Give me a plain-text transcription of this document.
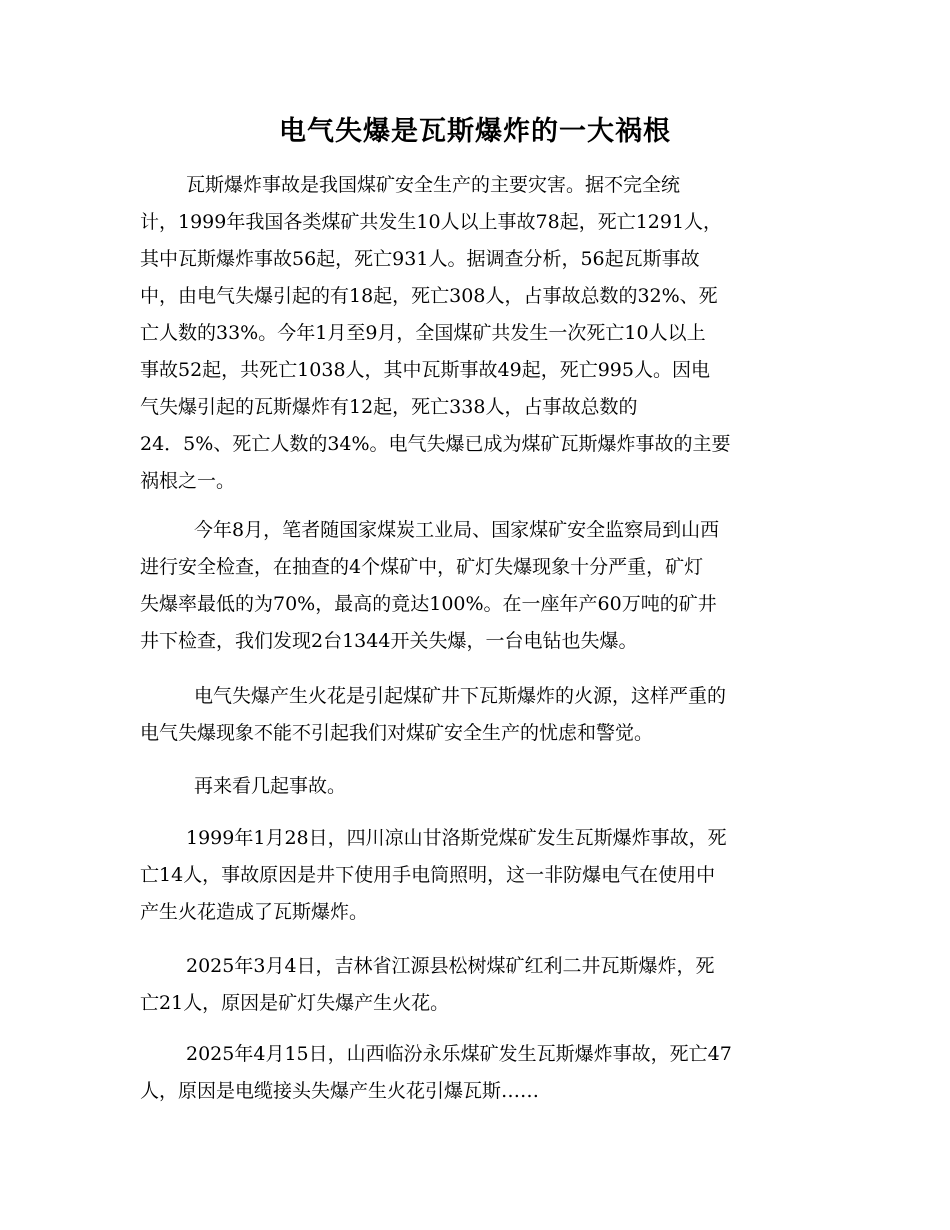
电气失爆是瓦斯爆炸的一大祸根
瓦斯爆炸事故是我国煤矿安全生产的主要灾害。据不完全统
计，1999年我国各类煤矿共发生10人以上事故78起，死亡1291人，
其中瓦斯爆炸事故56起，死亡931人。据调查分析，56起瓦斯事故
中，由电气失爆引起的有18起，死亡308人，占事故总数的32%、死
亡人数的33%。今年1月至9月，全国煤矿共发生一次死亡10人以上
事故52起，共死亡1038人，其中瓦斯事故49起，死亡995人。因电
气失爆引起的瓦斯爆炸有12起，死亡338人，占事故总数的
24．5%、死亡人数的34%。电气失爆已成为煤矿瓦斯爆炸事故的主要
祸根之一。
今年8月，笔者随国家煤炭工业局、国家煤矿安全监察局到山西
进行安全检查，在抽查的4个煤矿中，矿灯失爆现象十分严重，矿灯
失爆率最低的为70%，最高的竟达100%。在一座年产60万吨的矿井
井下检查，我们发现2台1344开关失爆，一台电钻也失爆。
电气失爆产生火花是引起煤矿井下瓦斯爆炸的火源，这样严重的
电气失爆现象不能不引起我们对煤矿安全生产的忧虑和警觉。
再来看几起事故。
1999年1月28日，四川凉山甘洛斯党煤矿发生瓦斯爆炸事故，死
亡14人，事故原因是井下使用手电筒照明，这一非防爆电气在使用中
产生火花造成了瓦斯爆炸。
2025年3月4日，吉林省江源县松树煤矿红利二井瓦斯爆炸，死
亡21人，原因是矿灯失爆产生火花。
2025年4月15日，山西临汾永乐煤矿发生瓦斯爆炸事故，死亡47
人，原因是电缆接头失爆产生火花引爆瓦斯……
